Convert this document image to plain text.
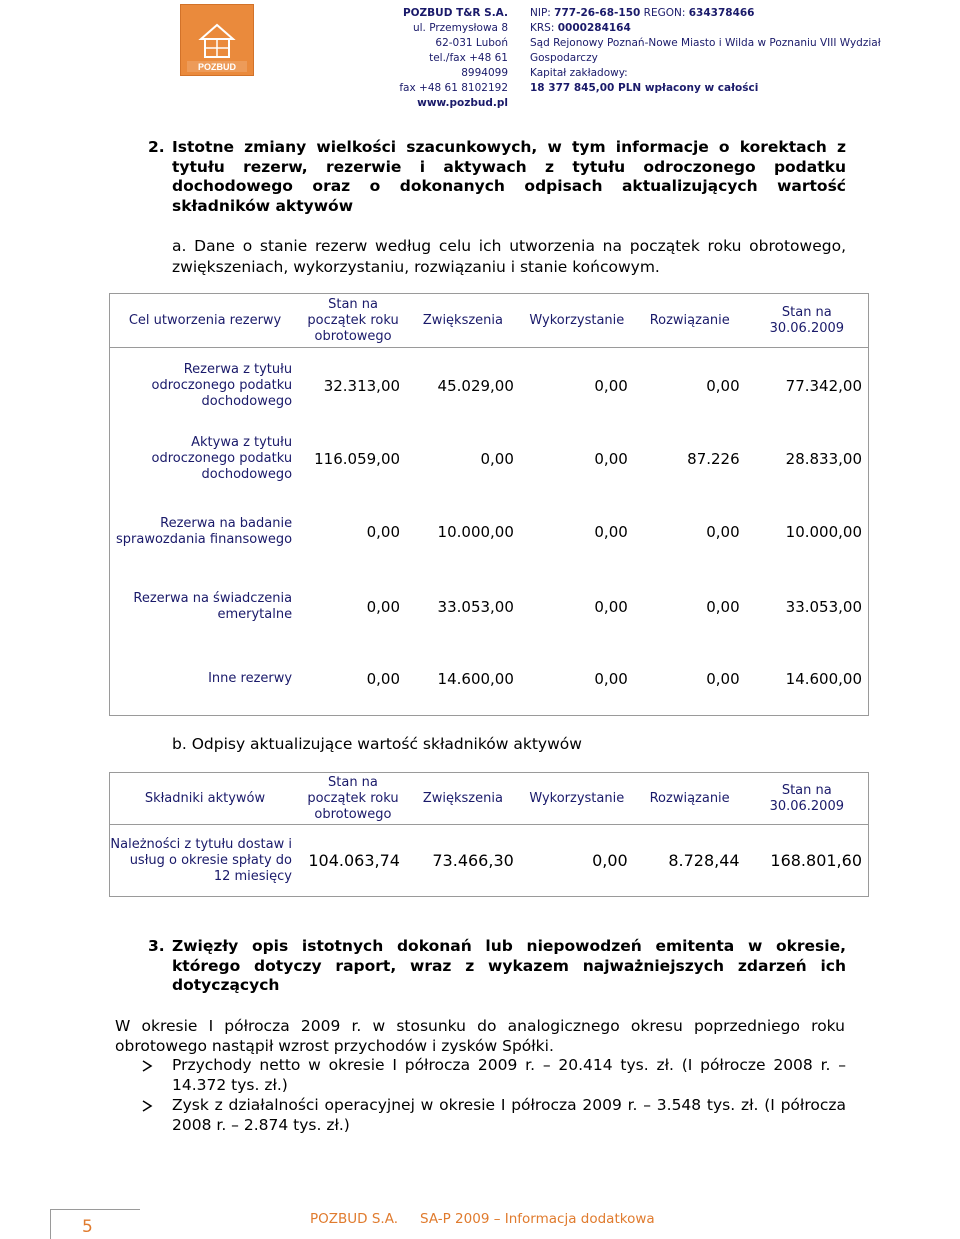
POZBUD
POZBUD T&R S.A.
ul. Przemysłowa 8
62-031 Luboń
tel./fax +48 61 8994099
fax +48 61 8102192
www.pozbud.pl
NIP: 777-26-68-150 REGON: 634378466
KRS: 0000284164
Sąd Rejonowy Poznań-Nowe Miasto i Wilda w Poznaniu VIII Wydział
Gospodarczy
Kapitał zakładowy:
18 377 845,00 PLN wpłacony w całości
2. Istotne zmiany wielkości szacunkowych, w tym informacje o korektach z tytułu rezerw, rezerwie i aktywach z tytułu odroczonego podatku dochodowego oraz o dokonanych odpisach aktualizujących wartość składników aktywów
a. Dane o stanie rezerw według celu ich utworzenia na początek roku obrotowego, zwiększeniach, wykorzystaniu, rozwiązaniu i stanie końcowym.
Cel utworzenia rezerwy	Stan na początek roku obrotowego	Zwiększenia	Wykorzystanie	Rozwiązanie	Stan na 30.06.2009
Rezerwa z tytułu odroczonego podatku dochodowego	32.313,00	45.029,00	0,00	0,00	77.342,00
Aktywa z tytułu odroczonego podatku dochodowego	116.059,00	0,00	0,00	87.226	28.833,00
Rezerwa na badanie sprawozdania finansowego	0,00	10.000,00	0,00	0,00	10.000,00
Rezerwa na świadczenia emerytalne	0,00	33.053,00	0,00	0,00	33.053,00
Inne rezerwy	0,00	14.600,00	0,00	0,00	14.600,00
b. Odpisy aktualizujące wartość składników aktywów
Składniki aktywów	Stan na początek roku obrotowego	Zwiększenia	Wykorzystanie	Rozwiązanie	Stan na 30.06.2009
Należności z tytułu dostaw i usług o okresie spłaty do 12 miesięcy	104.063,74	73.466,30	0,00	8.728,44	168.801,60
3. Zwięzły opis istotnych dokonań lub niepowodzeń emitenta w okresie, którego dotyczy raport, wraz z wykazem najważniejszych zdarzeń ich dotyczących
W okresie I półrocza 2009 r. w stosunku do analogicznego okresu poprzedniego roku obrotowego nastąpił wzrost przychodów i zysków Spółki.
Przychody netto w okresie I półrocza 2009 r. – 20.414 tys. zł. (I półrocze 2008 r. – 14.372 tys. zł.)
Zysk z działalności operacyjnej w okresie I półrocza 2009 r. – 3.548 tys. zł. (I półrocza 2008 r. – 2.874 tys. zł.)
5	POZBUD S.A. SA-P 2009 – Informacja dodatkowa
